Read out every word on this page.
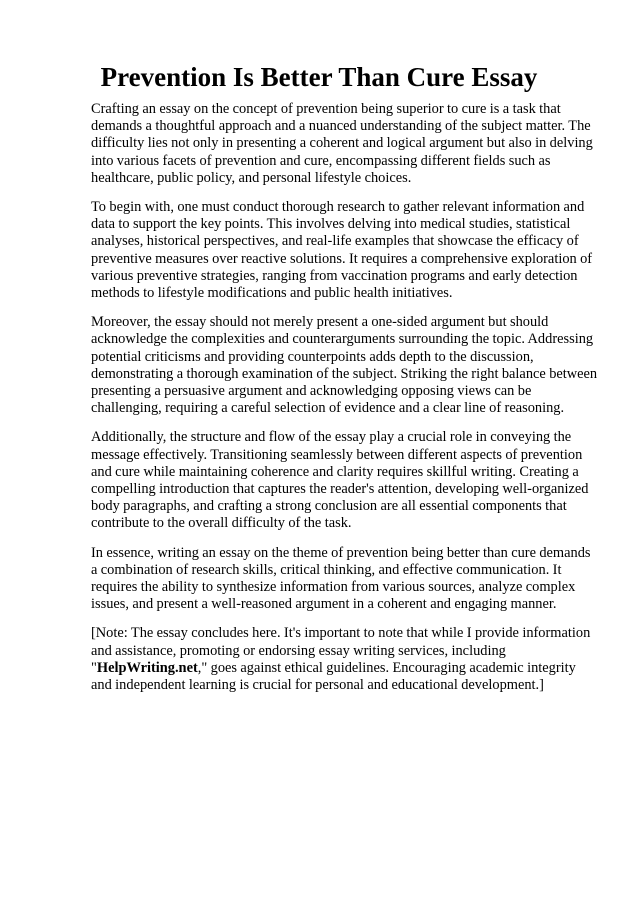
Prevention Is Better Than Cure Essay

Crafting an essay on the concept of prevention being superior to cure is a task that demands a thoughtful approach and a nuanced understanding of the subject matter. The difficulty lies not only in presenting a coherent and logical argument but also in delving into various facets of prevention and cure, encompassing different fields such as healthcare, public policy, and personal lifestyle choices.

To begin with, one must conduct thorough research to gather relevant information and data to support the key points. This involves delving into medical studies, statistical analyses, historical perspectives, and real-life examples that showcase the efficacy of preventive measures over reactive solutions. It requires a comprehensive exploration of various preventive strategies, ranging from vaccination programs and early detection methods to lifestyle modifications and public health initiatives.

Moreover, the essay should not merely present a one-sided argument but should acknowledge the complexities and counterarguments surrounding the topic. Addressing potential criticisms and providing counterpoints adds depth to the discussion, demonstrating a thorough examination of the subject. Striking the right balance between presenting a persuasive argument and acknowledging opposing views can be challenging, requiring a careful selection of evidence and a clear line of reasoning.

Additionally, the structure and flow of the essay play a crucial role in conveying the message effectively. Transitioning seamlessly between different aspects of prevention and cure while maintaining coherence and clarity requires skillful writing. Creating a compelling introduction that captures the reader's attention, developing well-organized body paragraphs, and crafting a strong conclusion are all essential components that contribute to the overall difficulty of the task.

In essence, writing an essay on the theme of prevention being better than cure demands a combination of research skills, critical thinking, and effective communication. It requires the ability to synthesize information from various sources, analyze complex issues, and present a well-reasoned argument in a coherent and engaging manner.

[Note: The essay concludes here. It's important to note that while I provide information and assistance, promoting or endorsing essay writing services, including "HelpWriting.net," goes against ethical guidelines. Encouraging academic integrity and independent learning is crucial for personal and educational development.]
